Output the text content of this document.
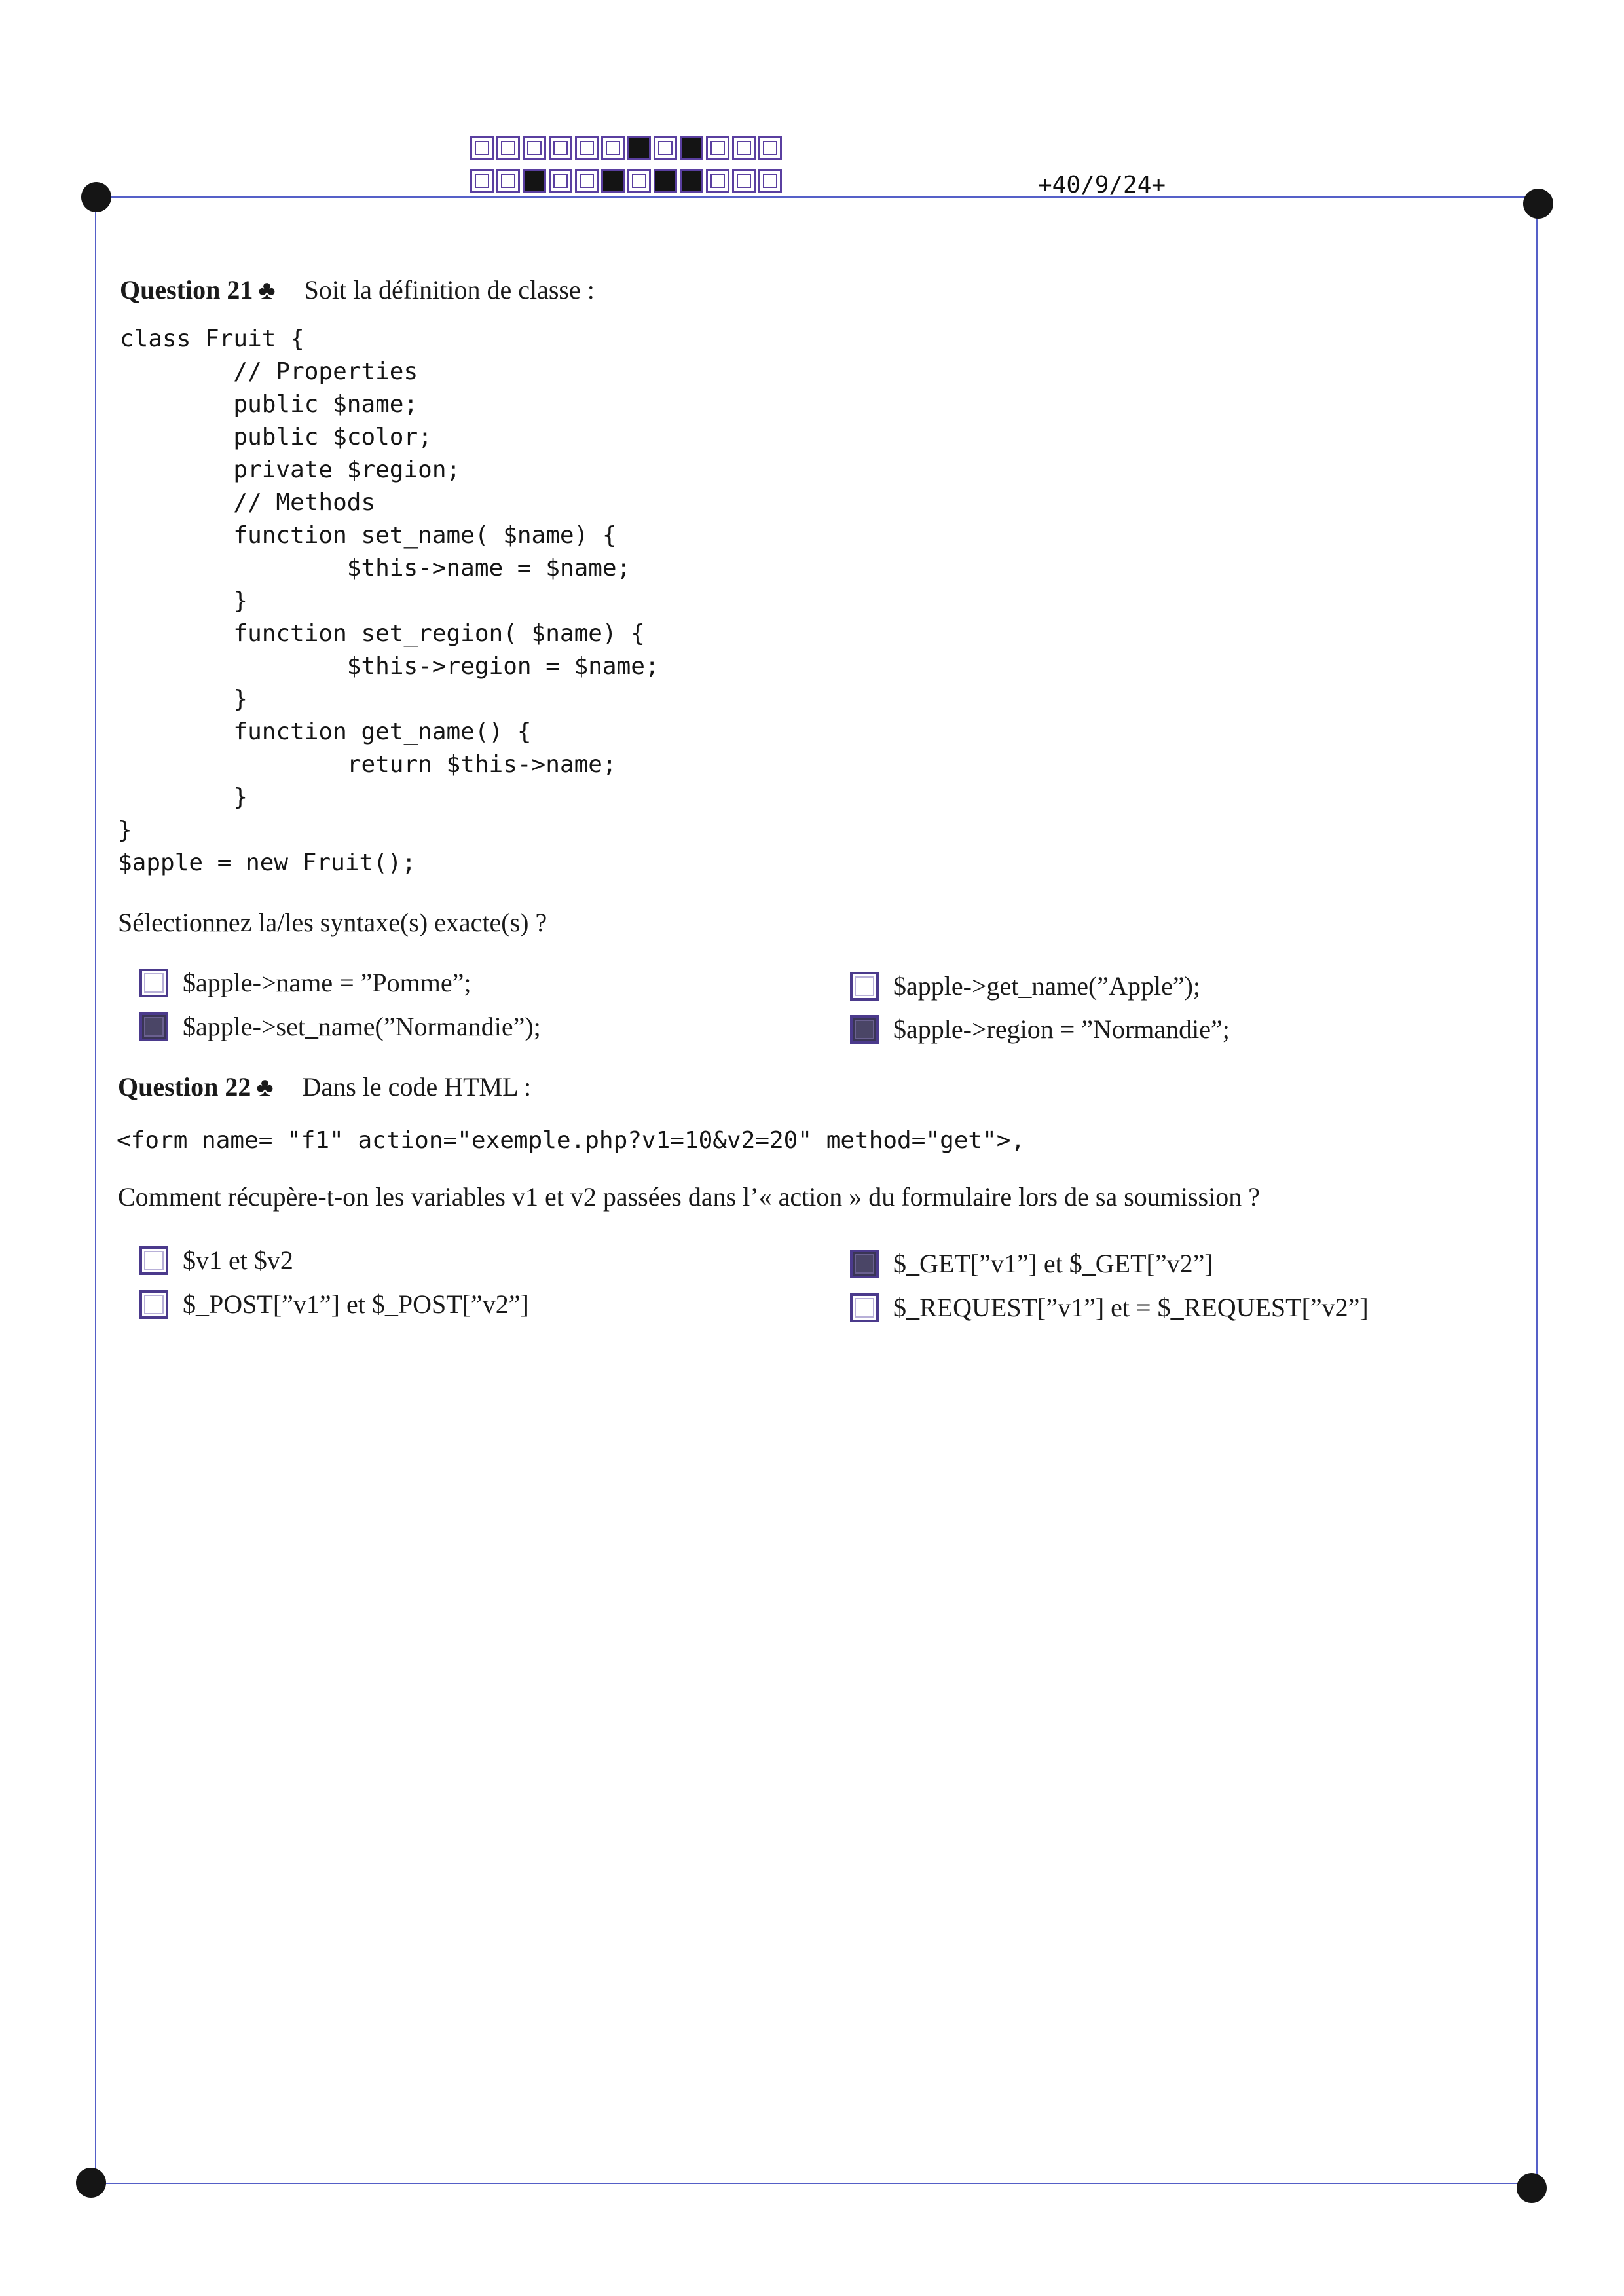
+40/9/24+
Question 21 ♣ Soit la définition de classe :
class Fruit {
// Properties
public $name;
public $color;
private $region;
// Methods
function set_name( $name) {
$this->name = $name;
}
function set_region( $name) {
$this->region = $name;
}
function get_name() {
return $this->name;
}
}
$apple = new Fruit();
Sélectionnez la/les syntaxe(s) exacte(s) ?
$apple->name = ”Pomme”;
$apple->set_name(”Normandie”);
$apple->get_name(”Apple”);
$apple->region = ”Normandie”;
Question 22 ♣ Dans le code HTML :
<form name= "f1" action="exemple.php?v1=10&v2=20" method="get">,
Comment récupère-t-on les variables v1 et v2 passées dans l’« action » du formulaire lors de sa soumission ?
$v1 et $v2
$_POST[”v1”] et $_POST[”v2”]
$_GET[”v1”] et $_GET[”v2”]
$_REQUEST[”v1”] et = $_REQUEST[”v2”]
